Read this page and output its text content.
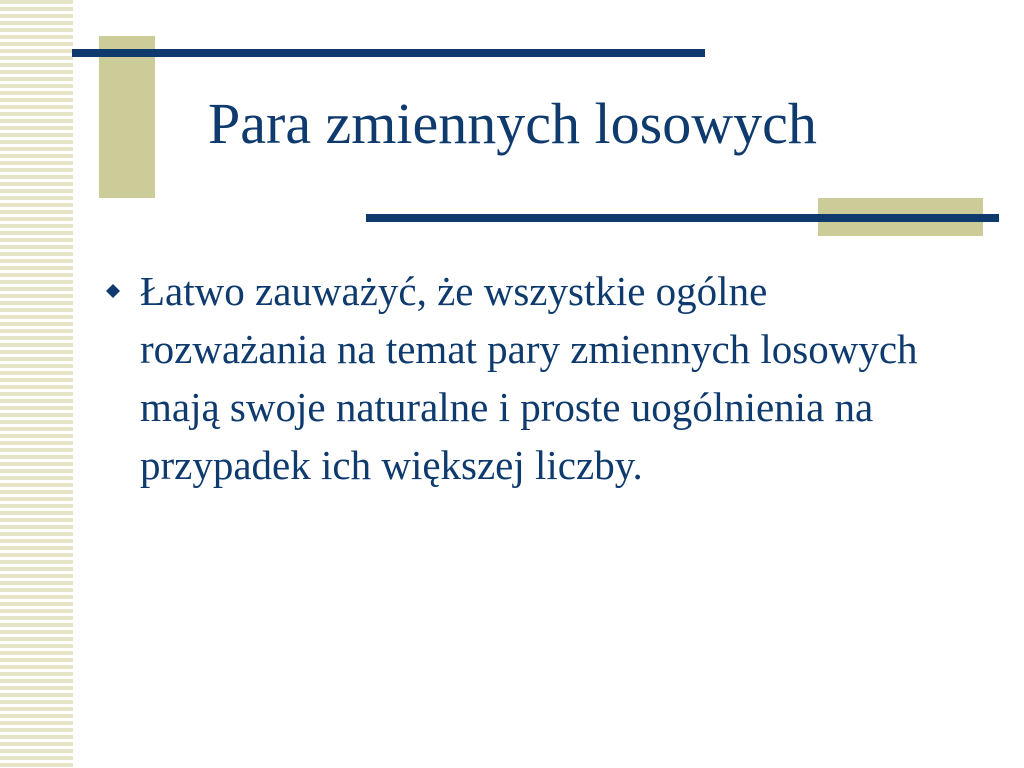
Para zmiennych losowych
Łatwo zauważyć, że wszystkie ogólne rozważania na temat pary zmiennych losowych mają swoje naturalne i proste uogólnienia na przypadek ich większej liczby.
